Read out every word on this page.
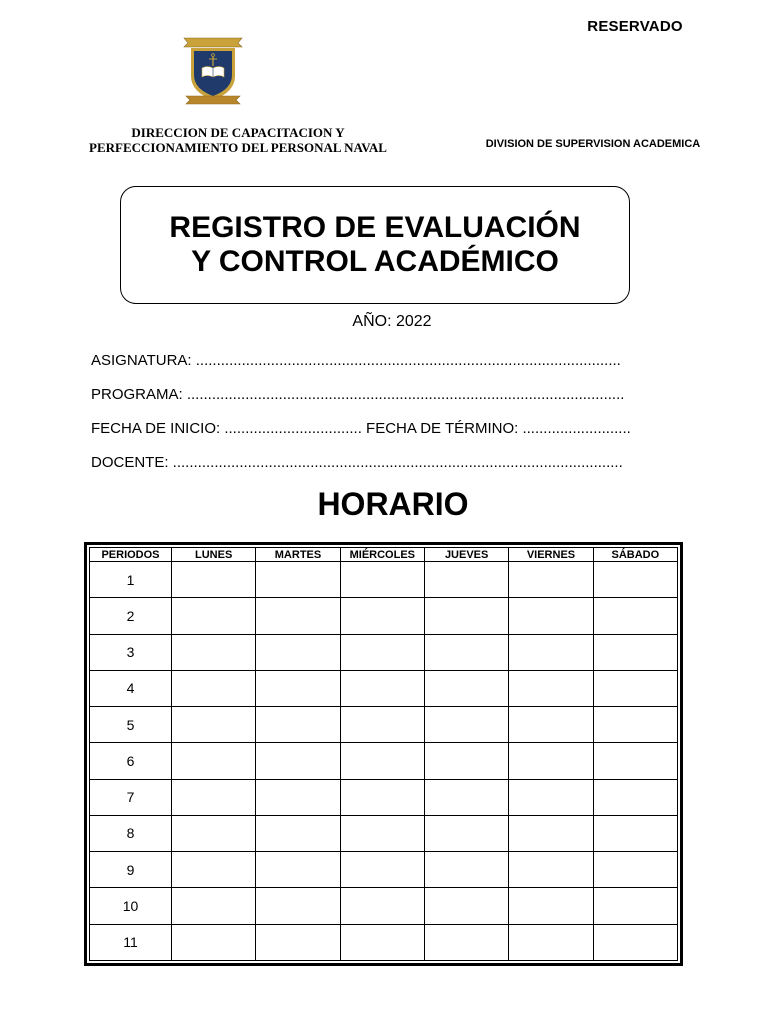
RESERVADO
DIRECCION DE CAPACITACION Y
PERFECCIONAMIENTO DEL PERSONAL NAVAL	DIVISION DE SUPERVISION ACADEMICA
REGISTRO DE EVALUACIÓN
Y CONTROL ACADÉMICO
AÑO: 2022
ASIGNATURA: ......................................................................................................
PROGRAMA: .........................................................................................................
FECHA DE INICIO: ................................. FECHA DE TÉRMINO: ..........................
DOCENTE: ............................................................................................................
HORARIO
PERIODOS	LUNES	MARTES	MIÉRCOLES	JUEVES	VIERNES	SÁBADO
1						
2						
3						
4						
5						
6						
7						
8						
9						
10						
11						
